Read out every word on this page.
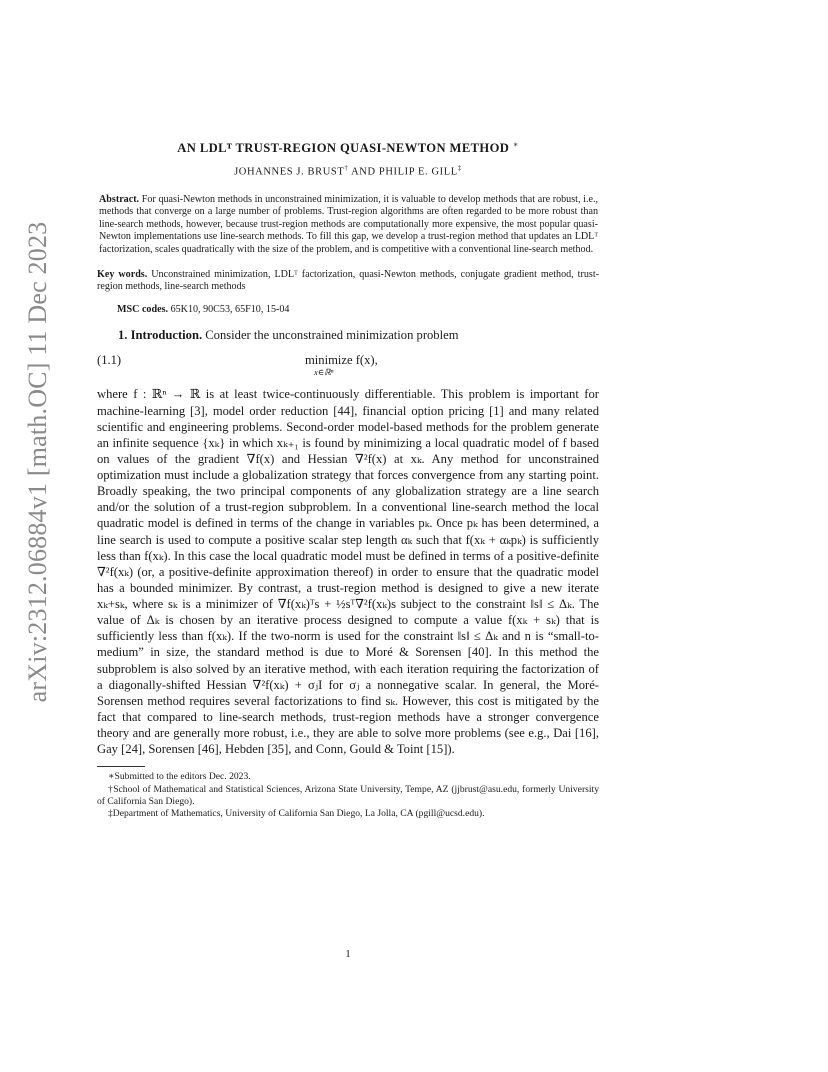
arXiv:2312.06884v1 [math.OC] 11 Dec 2023
AN LDLᵀ TRUST-REGION QUASI-NEWTON METHOD ∗
JOHANNES J. BRUST† AND PHILIP E. GILL‡
Abstract. For quasi-Newton methods in unconstrained minimization, it is valuable to develop methods that are robust, i.e., methods that converge on a large number of problems. Trust-region algorithms are often regarded to be more robust than line-search methods, however, because trust-region methods are computationally more expensive, the most popular quasi-Newton implementations use line-search methods. To fill this gap, we develop a trust-region method that updates an LDLᵀ factorization, scales quadratically with the size of the problem, and is competitive with a conventional line-search method.
Key words. Unconstrained minimization, LDLᵀ factorization, quasi-Newton methods, conjugate gradient method, trust-region methods, line-search methods
MSC codes. 65K10, 90C53, 65F10, 15-04
1. Introduction. Consider the unconstrained minimization problem
(1.1)	minimize f(x),
x∈ℝⁿ
where f : ℝⁿ → ℝ is at least twice-continuously differentiable. This problem is important for machine-learning [3], model order reduction [44], financial option pricing [1] and many related scientific and engineering problems. Second-order model-based methods for the problem generate an infinite sequence {xₖ} in which xₖ₊₁ is found by minimizing a local quadratic model of f based on values of the gradient ∇f(x) and Hessian ∇²f(x) at xₖ. Any method for unconstrained optimization must include a globalization strategy that forces convergence from any starting point. Broadly speaking, the two principal components of any globalization strategy are a line search and/or the solution of a trust-region subproblem. In a conventional line-search method the local quadratic model is defined in terms of the change in variables pₖ. Once pₖ has been determined, a line search is used to compute a positive scalar step length αₖ such that f(xₖ + αₖpₖ) is sufficiently less than f(xₖ). In this case the local quadratic model must be defined in terms of a positive-definite ∇²f(xₖ) (or, a positive-definite approximation thereof) in order to ensure that the quadratic model has a bounded minimizer. By contrast, a trust-region method is designed to give a new iterate xₖ+sₖ, where sₖ is a minimizer of ∇f(xₖ)ᵀs + ½sᵀ∇²f(xₖ)s subject to the constraint ‖s‖ ≤ Δₖ. The value of Δₖ is chosen by an iterative process designed to compute a value f(xₖ + sₖ) that is sufficiently less than f(xₖ). If the two-norm is used for the constraint ‖s‖ ≤ Δₖ and n is “small-to-medium” in size, the standard method is due to Moré & Sorensen [40]. In this method the subproblem is also solved by an iterative method, with each iteration requiring the factorization of a diagonally-shifted Hessian ∇²f(xₖ) + σⱼI for σⱼ a nonnegative scalar. In general, the Moré-Sorensen method requires several factorizations to find sₖ. However, this cost is mitigated by the fact that compared to line-search methods, trust-region methods have a stronger convergence theory and are generally more robust, i.e., they are able to solve more problems (see e.g., Dai [16], Gay [24], Sorensen [46], Hebden [35], and Conn, Gould & Toint [15]).

∗Submitted to the editors Dec. 2023.

†School of Mathematical and Statistical Sciences, Arizona State University, Tempe, AZ (jjbrust@asu.edu, formerly University of California San Diego).

‡Department of Mathematics, University of California San Diego, La Jolla, CA (pgill@ucsd.edu).

1
